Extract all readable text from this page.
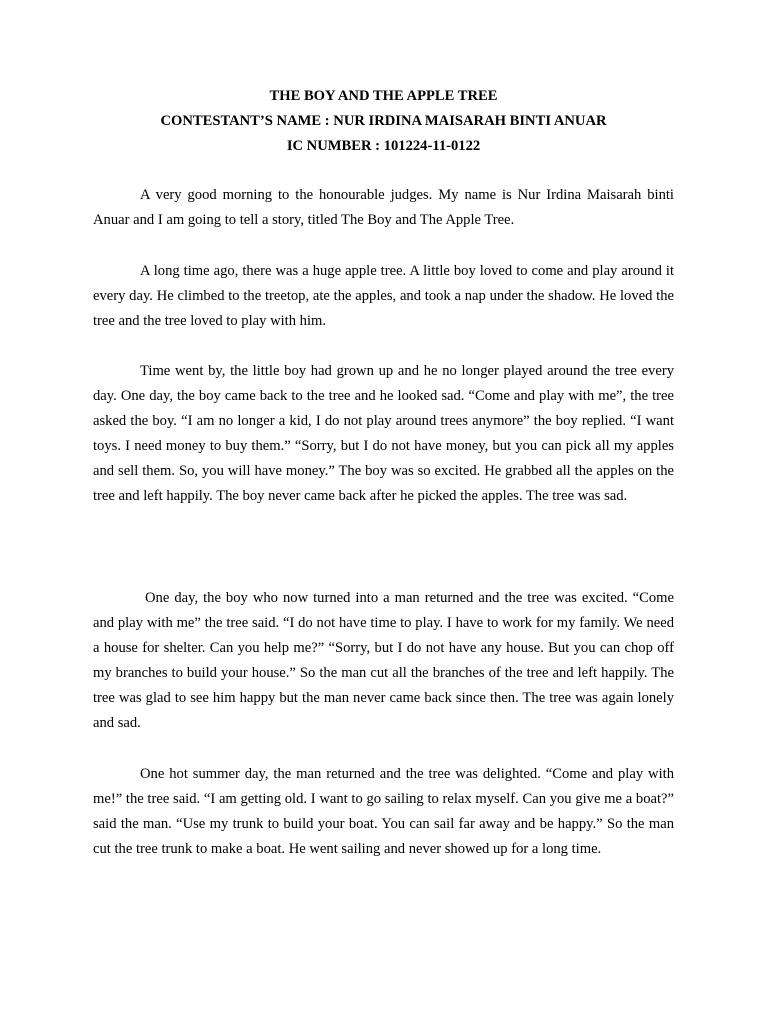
THE BOY AND THE APPLE TREE

CONTESTANT’S NAME : NUR IRDINA MAISARAH BINTI ANUAR

IC NUMBER : 101224-11-0122

A very good morning to the honourable judges. My name is Nur Irdina Maisarah binti Anuar and I am going to tell a story, titled The Boy and The Apple Tree.

A long time ago, there was a huge apple tree. A little boy loved to come and play around it every day. He climbed to the treetop, ate the apples, and took a nap under the shadow. He loved the tree and the tree loved to play with him.

Time went by, the little boy had grown up and he no longer played around the tree every day. One day, the boy came back to the tree and he looked sad. “Come and play with me”, the tree asked the boy. “I am no longer a kid, I do not play around trees anymore” the boy replied. “I want toys. I need money to buy them.” “Sorry, but I do not have money, but you can pick all my apples and sell them. So, you will have money.” The boy was so excited. He grabbed all the apples on the tree and left happily. The boy never came back after he picked the apples. The tree was sad.

One day, the boy who now turned into a man returned and the tree was excited. “Come and play with me” the tree said. “I do not have time to play. I have to work for my family. We need a house for shelter. Can you help me?” “Sorry, but I do not have any house. But you can chop off my branches to build your house.” So the man cut all the branches of the tree and left happily. The tree was glad to see him happy but the man never came back since then. The tree was again lonely and sad.

One hot summer day, the man returned and the tree was delighted. “Come and play with me!” the tree said. “I am getting old. I want to go sailing to relax myself. Can you give me a boat?” said the man. “Use my trunk to build your boat. You can sail far away and be happy.” So the man cut the tree trunk to make a boat. He went sailing and never showed up for a long time.
